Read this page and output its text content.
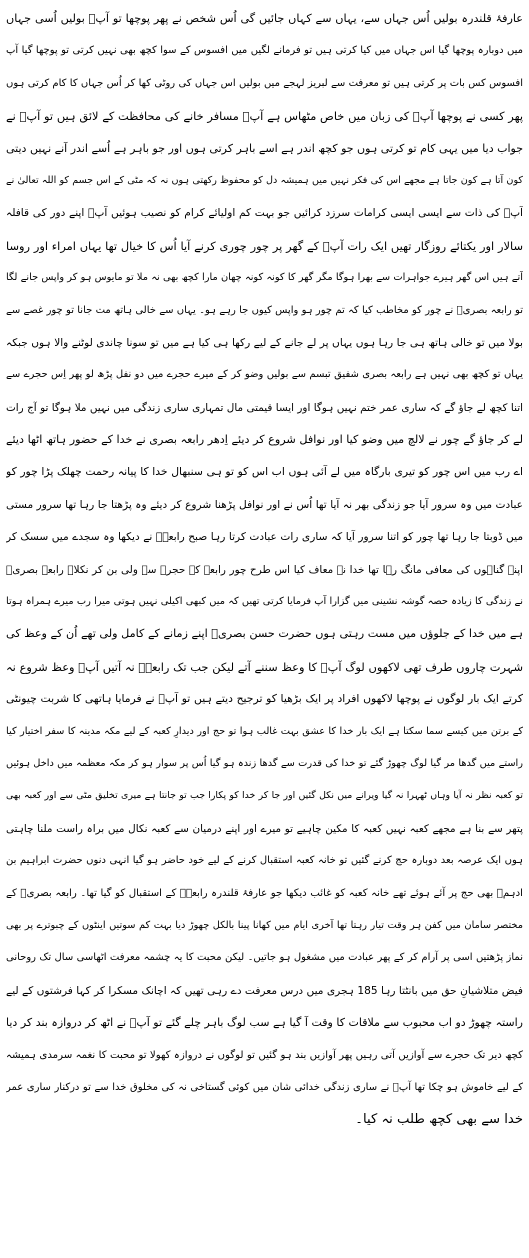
عارفۂ قلندرہ بولیں اُس جہاں سے، یہاں سے کہاں جائیں گی اُس شخص نے پھر پوچھا تو آپؒ بولیں اُسی جہاں
میں دوبارہ پوچھا گیا اس جہاں میں کیا کرتی ہیں تو فرمانے لگیں میں افسوس کے سوا کچھ بھی نہیں کرتی تو پوچھا گیا آپ
افسوس کس بات پر کرتی ہیں تو معرفت سے لبریز لہجے میں بولیں اس جہاں کی روٹی کھا کر اُس جہاں کا کام کرتی ہوں
پھر کسی نے پوچھا آپؒ کی زبان میں خاص مٹھاس ہے آپؒ مسافر خانے کی محافظت کے لائق ہیں تو آپؒ نے
جواب دیا میں یہی کام تو کرتی ہوں جو کچھ اندر ہے اسے باہر کرتی ہوں اور جو باہر ہے اُسے اندر آنے نہیں دیتی
کون آتا ہے کون جاتا ہے مجھے اس کی فکر نہیں میں ہمیشہ دل کو محفوظ رکھتی ہوں نہ کہ مٹی کے اس جسم کو اللہ تعالیٰ نے
آپؒ کی ذات سے ایسی ایسی کرامات سرزد کرائیں جو بہت کم اولیائے کرام کو نصیب ہوئیں آپؒ اپنے دور کی قافلہ
سالار اور یکتائے روزگار تھیں ایک رات آپؒ کے گھر پر چور چوری کرنے آیا اُس کا خیال تھا یہاں امراء اور روسا
آتے ہیں اس گھر ہیرے جواہرات سے بھرا ہوگا مگر گھر کا کونہ کونہ چھان مارا کچھ بھی نہ ملا تو مایوس ہو کر واپس جانے لگا
تو رابعہ بصریؒ نے چور کو مخاطب کیا کہ تم چور ہو واپس کیوں جا رہے ہو۔ یہاں سے خالی ہاتھ مت جانا تو چور غصے سے
بولا میں تو خالی ہاتھ ہی جا رہا ہوں یہاں پر لے جانے کے لیے رکھا ہی کیا ہے میں تو سونا چاندی لوٹنے والا ہوں جبکہ
یہاں تو کچھ بھی نہیں ہے رابعہ بصری شفیق تبسم سے بولیں وضو کر کے میرے حجرے میں دو نفل پڑھ لو پھر اِس حجرے سے
اتنا کچھ لے جاؤ گے کہ ساری عمر ختم نہیں ہوگا اور ایسا قیمتی مال تمہاری ساری زندگی میں نہیں ملا ہوگا تو آج رات
لے کر جاؤ گے چور نے لالچ میں وضو کیا اور نوافل شروع کر دیئے اِدھر رابعہ بصری نے خدا کے حضور ہاتھ اٹھا دیئے
اے رب میں اس چور کو تیری بارگاہ میں لے آئی ہوں اب اس کو تو ہی سنبھال خدا کا پیانہ رحمت چھلک پڑا چور کو
عبادت میں وہ سرور آیا جو زندگی بھر نہ آیا تھا اُس نے اور نوافل پڑھنا شروع کر دیئے وہ پڑھتا جا رہا تھا سرور مستی
میں ڈوبتا جا رہا تھا چور کو اتنا سرور آیا کہ ساری رات عبادت کرتا رہا صبح رابعہؒ نے دیکھا وہ سجدے میں سسک کر
اپنے گناہوں کی معافی مانگ رہا تھا خدا نے معاف کیا اس طرح چور رابعہ کے حجرے سے ولی بن کر نکلا۔ رابعہ بصریؒ
نے زندگی کا زیادہ حصہ گوشہ نشینی میں گزارا آپ فرمایا کرتی تھیں کہ میں کبھی اکیلی نہیں ہوتی میرا رب میرے ہمراہ ہوتا
ہے میں خدا کے جلوؤں میں مست رہتی ہوں حضرت حسن بصریؒ اپنے زمانے کے کامل ولی تھے اُن کے وعظ کی
شہرت چاروں طرف تھی لاکھوں لوگ آپؒ کا وعظ سننے آتے لیکن جب تک رابعہؒ نہ آتیں آپؒ وعظ شروع نہ
کرتے ایک بار لوگوں نے پوچھا لاکھوں افراد پر ایک بڑھیا کو ترجیح دیتے ہیں تو آپؒ نے فرمایا ہاتھی کا شربت چیونٹی
کے برتن میں کیسے سما سکتا ہے ایک بار خدا کا عشق بہت غالب ہوا تو حج اور دیدارِ کعبہ کے لیے مکہ مدینہ کا سفر اختیار کیا
راستے میں گدھا مر گیا لوگ چھوڑ گئے تو خدا کی قدرت سے گدھا زندہ ہو گیا اُس پر سوار ہو کر مکہ معظمہ میں داخل ہوئیں
تو کعبہ نظر نہ آیا وہاں ٹھہرا نہ گیا ویرانے میں نکل گئیں اور جا کر خدا کو پکارا جب تو جانتا ہے میری تخلیق مٹی سے اور کعبہ بھی
پتھر سے بنا ہے مجھے کعبہ نہیں کعبہ کا مکین چاہیے تو میرے اور اپنے درمیان سے کعبہ نکال میں براہ راست ملنا چاہتی
ہوں ایک عرصہ بعد دوبارہ حج کرنے گئیں تو خانہ کعبہ استقبال کرنے کے لیے خود حاضر ہو گیا انہی دنوں حضرت ابراہیم بن
ادہمؒ بھی حج پر آئے ہوئے تھے خانہ کعبہ کو غائب دیکھا جو عارفۂ قلندرہ رابعہؒ کے استقبال کو گیا تھا۔ رابعہ بصریؒ کے
مختصر سامان میں کفن ہر وقت تیار رہتا تھا آخری ایام میں کھانا پینا بالکل چھوڑ دیا بہت کم سوتیں اینٹوں کے چبوترے پر بھی
نماز پڑھتیں اسی پر آرام کر کے پھر عبادت میں مشغول ہو جاتیں۔ لیکن محبت کا یہ چشمہ معرفت اٹھاسی سال تک روحانی
فیض متلاشیانِ حق میں بانٹتا رہا 185 ہجری میں درس معرفت دے رہی تھیں کہ اچانک مسکرا کر کہا فرشتوں کے لیے
راستہ چھوڑ دو اب محبوب سے ملاقات کا وقت آ گیا ہے سب لوگ باہر چلے گئے تو آپؒ نے اٹھ کر دروازہ بند کر دیا
کچھ دیر تک حجرے سے آوازیں آتی رہیں پھر آوازیں بند ہو گئیں تو لوگوں نے دروازہ کھولا تو محبت کا نغمہ سرمدی ہمیشہ
کے لیے خاموش ہو چکا تھا آپؒ نے ساری زندگی خدائی شان میں کوئی گستاخی نہ کی مخلوق خدا سے تو درکنار ساری عمر
خدا سے بھی کچھ طلب نہ کیا۔
